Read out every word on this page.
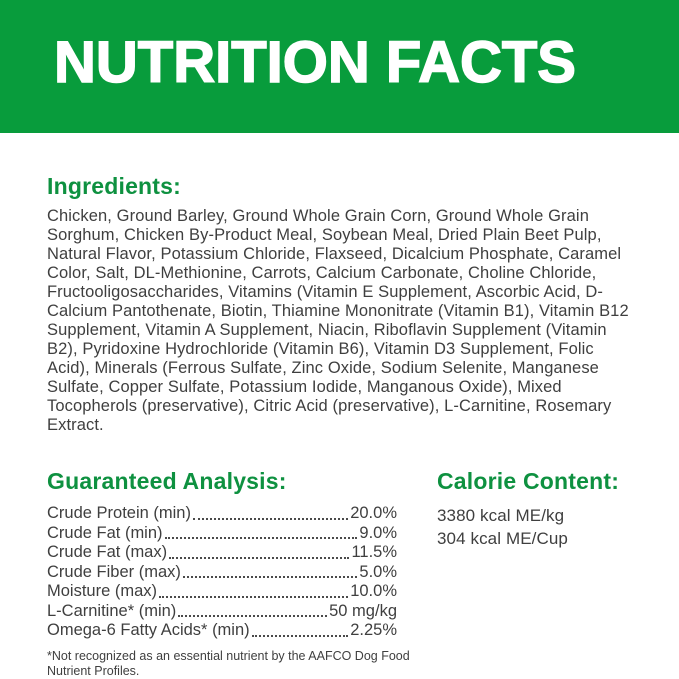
NUTRITION FACTS
Ingredients:

Chicken, Ground Barley, Ground Whole Grain Corn, Ground Whole Grain Sorghum, Chicken By-Product Meal, Soybean Meal, Dried Plain Beet Pulp, Natural Flavor, Potassium Chloride, Flaxseed, Dicalcium Phosphate, Caramel Color, Salt, DL-Methionine, Carrots, Calcium Carbonate, Choline Chloride, Fructooligosaccharides, Vitamins (Vitamin E Supplement, Ascorbic Acid, D-Calcium Pantothenate, Biotin, Thiamine Mononitrate (Vitamin B1), Vitamin B12 Supplement, Vitamin A Supplement, Niacin, Riboflavin Supplement (Vitamin B2), Pyridoxine Hydrochloride (Vitamin B6), Vitamin D3 Supplement, Folic Acid), Minerals (Ferrous Sulfate, Zinc Oxide, Sodium Selenite, Manganese Sulfate, Copper Sulfate, Potassium Iodide, Manganous Oxide), Mixed Tocopherols (preservative), Citric Acid (preservative), L-Carnitine, Rosemary Extract.

Guaranteed Analysis:
Crude Protein (min)	20.0%
Crude Fat (min)	9.0%
Crude Fat (max)	11.5%
Crude Fiber (max)	5.0%
Moisture (max)	10.0%
L-Carnitine* (min)	50 mg/kg
Omega-6 Fatty Acids* (min)	2.25%

*Not recognized as an essential nutrient by the AAFCO Dog Food Nutrient Profiles.

Calorie Content:

3380 kcal ME/kg

304 kcal ME/Cup
